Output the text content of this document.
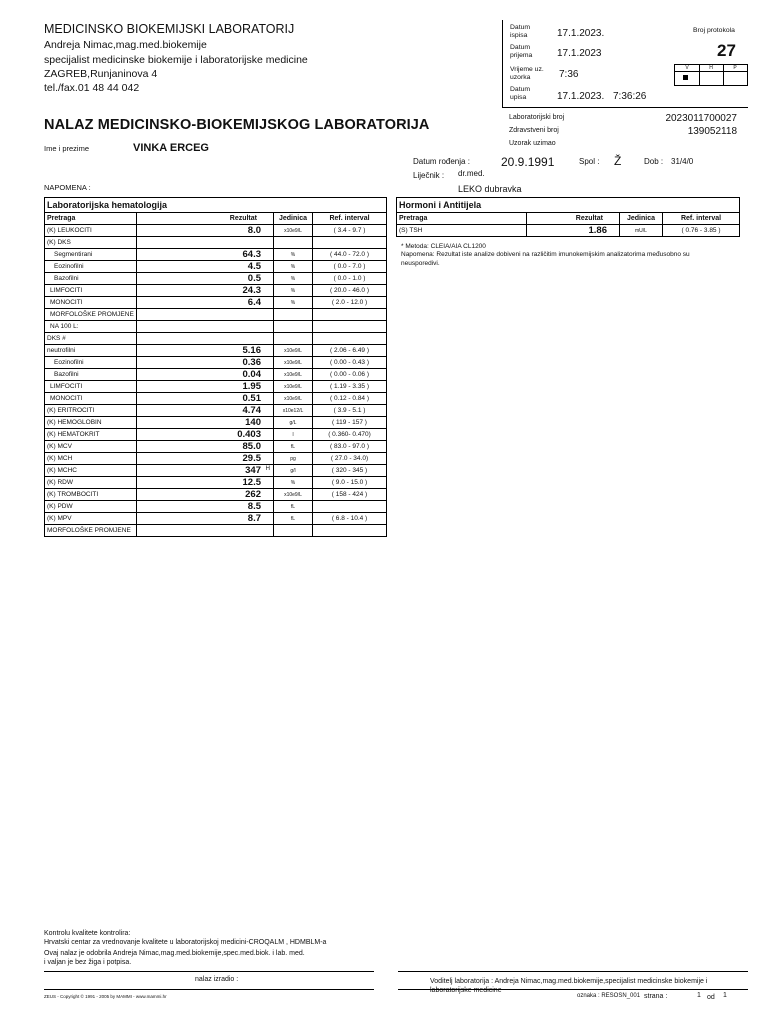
MEDICINSKO BIOKEMIJSKI LABORATORIJ
Andreja Nimac,mag.med.biokemije
specijalist medicinske biokemije i laboratorijske medicine
ZAGREB,Runjaninova 4
tel./fax.01 48 44 042
Datum ispisa	17.1.2023.
Datum prijema	17.1.2023
Vrijeme uz. uzorka	7:36
Datum upisa	17.1.2023. 7:36:26
Broj protokola
27
V	H	P
Laboratorijski broj	2023011700027
Zdravstveni broj	139052118
Uzorak uzimao
NALAZ MEDICINSKO-BIOKEMIJSKOG LABORATORIJA
Ime i prezime	VINKA ERCEG
Datum rođenja :	20.9.1991	Spol : Ž	Dob : 31/4/0
Liječnik : dr.med.
LEKO dubravka
NAPOMENA :
Laboratorijska hematologija			
Pretraga	Rezultat	Jedinica	Ref. interval
(K) LEUKOCITI	8.0	x10e9/L	( 3.4 - 9.7 )
(K) DKS			
Segmentirani	64.3	%	( 44.0 - 72.0 )
Eozinofilni	4.5	%	( 0.0 - 7.0 )
Bazofilni	0.5	%	( 0.0 - 1.0 )
LIMFOCITI	24.3	%	( 20.0 - 46.0 )
MONOCITI	6.4	%	( 2.0 - 12.0 )
MORFOLOŠKE PROMJENE			
NA 100 L:			
DKS #			
neutrofilni	5.16	x10e9/L	( 2.06 - 6.49 )
Eozinofilni	0.36	x10e9/L	( 0.00 - 0.43 )
Bazofilni	0.04	x10e9/L	( 0.00 - 0.06 )
LIMFOCITI	1.95	x10e9/L	( 1.19 - 3.35 )
MONOCITI	0.51	x10e9/L	( 0.12 - 0.84 )
(K) ERITROCITI	4.74	x10e12/L	( 3.9 - 5.1 )
(K) HEMOGLOBIN	140	g/L	( 119 - 157 )
(K) HEMATOKRIT	0.403	l	( 0.360- 0.470)
(K) MCV	85.0	fL	( 83.0 - 97.0 )
(K) MCH	29.5	pg	( 27.0 - 34.0)
(K) MCHC	347 H	g/l	( 320 - 345 )
(K) RDW	12.5	%	( 9.0 - 15.0 )
(K) TROMBOCITI	262	x10e9/L	( 158 - 424 )
(K) PDW	8.5	fL	
(K) MPV	8.7	fL	( 6.8 - 10.4 )
MORFOLOŠKE PROMJENE			
Hormoni i Antitijela			
Pretraga	Rezultat	Jedinica	Ref. interval
(S) TSH	1.86	mU/L	( 0.76 - 3.85 )
* Metoda: CLEIA/AIA CL1200
Napomena: Rezultat iste analize dobiveni na različitim imunokemijskim analizatorima međusobno su neusporedivi.
Kontrolu kvalitete kontrolira:
Hrvatski centar za vrednovanje kvalitete u laboratorijskoj medicini-CROQALM , HDMBLM-a
Ovaj nalaz je odobrila Andreja Nimac,mag.med.biokemije,spec.med.biok. i lab. med.
i valjan je bez žiga i potpisa.
nalaz izradio :	Voditelj laboratorija : Andreja Nimac,mag.med.biokemije,specijalist medicinske biokemije i laboratorijske medicine
ZEUS - Copyright © 1991 - 2005 by MAMMI - www.mammi.hr	oznaka : RESOSN_001 strana :	1 od 1
